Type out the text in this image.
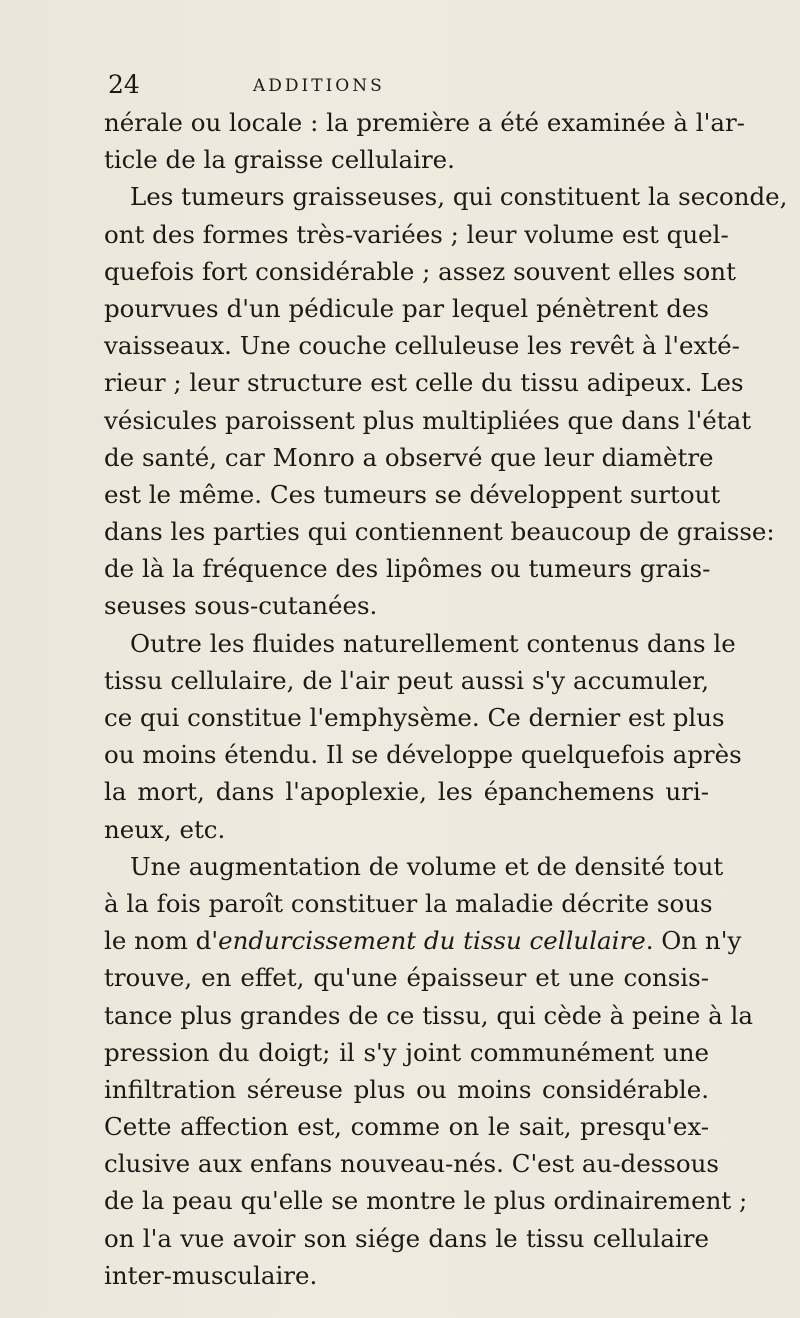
24	ADDITIONS
nérale ou locale : la première a été examinée à l'ar-
ticle de la graisse cellulaire.
Les tumeurs graisseuses, qui constituent la seconde,
ont des formes très-variées ; leur volume est quel-
quefois fort considérable ; assez souvent elles sont
pourvues d'un pédicule par lequel pénètrent des
vaisseaux. Une couche celluleuse les revêt à l'exté-
rieur ; leur structure est celle du tissu adipeux. Les
vésicules paroissent plus multipliées que dans l'état
de santé, car Monro a observé que leur diamètre
est le même. Ces tumeurs se développent surtout
dans les parties qui contiennent beaucoup de graisse:
de là la fréquence des lipômes ou tumeurs grais-
seuses sous-cutanées.
Outre les fluides naturellement contenus dans le
tissu cellulaire, de l'air peut aussi s'y accumuler,
ce qui constitue l'emphysème. Ce dernier est plus
ou moins étendu. Il se développe quelquefois après
la mort, dans l'apoplexie, les épanchemens uri-
neux, etc.
Une augmentation de volume et de densité tout
à la fois paroît constituer la maladie décrite sous
le nom d'endurcissement du tissu cellulaire. On n'y
trouve, en effet, qu'une épaisseur et une consis-
tance plus grandes de ce tissu, qui cède à peine à la
pression du doigt; il s'y joint communément une
infiltration séreuse plus ou moins considérable.
Cette affection est, comme on le sait, presqu'ex-
clusive aux enfans nouveau-nés. C'est au-dessous
de la peau qu'elle se montre le plus ordinairement ;
on l'a vue avoir son siége dans le tissu cellulaire
inter-musculaire.
